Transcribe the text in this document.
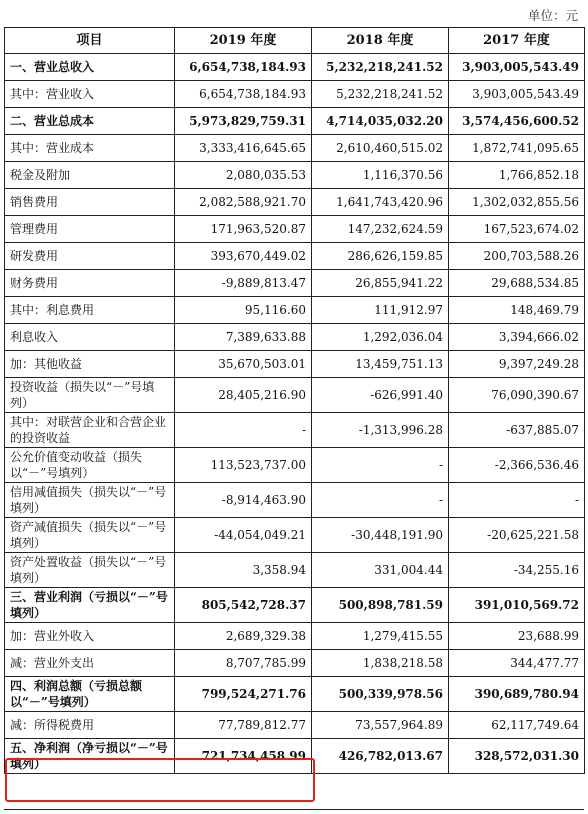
单位：元
项目	2019 年度	2018 年度	2017 年度
一、营业总收入	6,654,738,184.93	5,232,218,241.52	3,903,005,543.49
其中：营业收入	6,654,738,184.93	5,232,218,241.52	3,903,005,543.49
二、营业总成本	5,973,829,759.31	4,714,035,032.20	3,574,456,600.52
其中：营业成本	3,333,416,645.65	2,610,460,515.02	1,872,741,095.65
税金及附加	2,080,035.53	1,116,370.56	1,766,852.18
销售费用	2,082,588,921.70	1,641,743,420.96	1,302,032,855.56
管理费用	171,963,520.87	147,232,624.59	167,523,674.02
研发费用	393,670,449.02	286,626,159.85	200,703,588.26
财务费用	-9,889,813.47	26,855,941.22	29,688,534.85
其中：利息费用	95,116.60	111,912.97	148,469.79
利息收入	7,389,633.88	1,292,036.04	3,394,666.02
加：其他收益	35,670,503.01	13,459,751.13	9,397,249.28
投资收益（损失以“－”号填列）	28,405,216.90	-626,991.40	76,090,390.67
其中：对联营企业和合营企业的投资收益	-	-1,313,996.28	-637,885.07
公允价值变动收益（损失以“－”号填列）	113,523,737.00	-	-2,366,536.46
信用减值损失（损失以“－”号填列）	-8,914,463.90	-	-
资产减值损失（损失以“－”号填列）	-44,054,049.21	-30,448,191.90	-20,625,221.58
资产处置收益（损失以“－”号填列）	3,358.94	331,004.44	-34,255.16
三、营业利润（亏损以“－”号填列）	805,542,728.37	500,898,781.59	391,010,569.72
加：营业外收入	2,689,329.38	1,279,415.55	23,688.99
减：营业外支出	8,707,785.99	1,838,218.58	344,477.77
四、利润总额（亏损总额以“－”号填列）	799,524,271.76	500,339,978.56	390,689,780.94
减：所得税费用	77,789,812.77	73,557,964.89	62,117,749.64
五、净利润（净亏损以“－”号填列）	721,734,458.99	426,782,013.67	328,572,031.30
